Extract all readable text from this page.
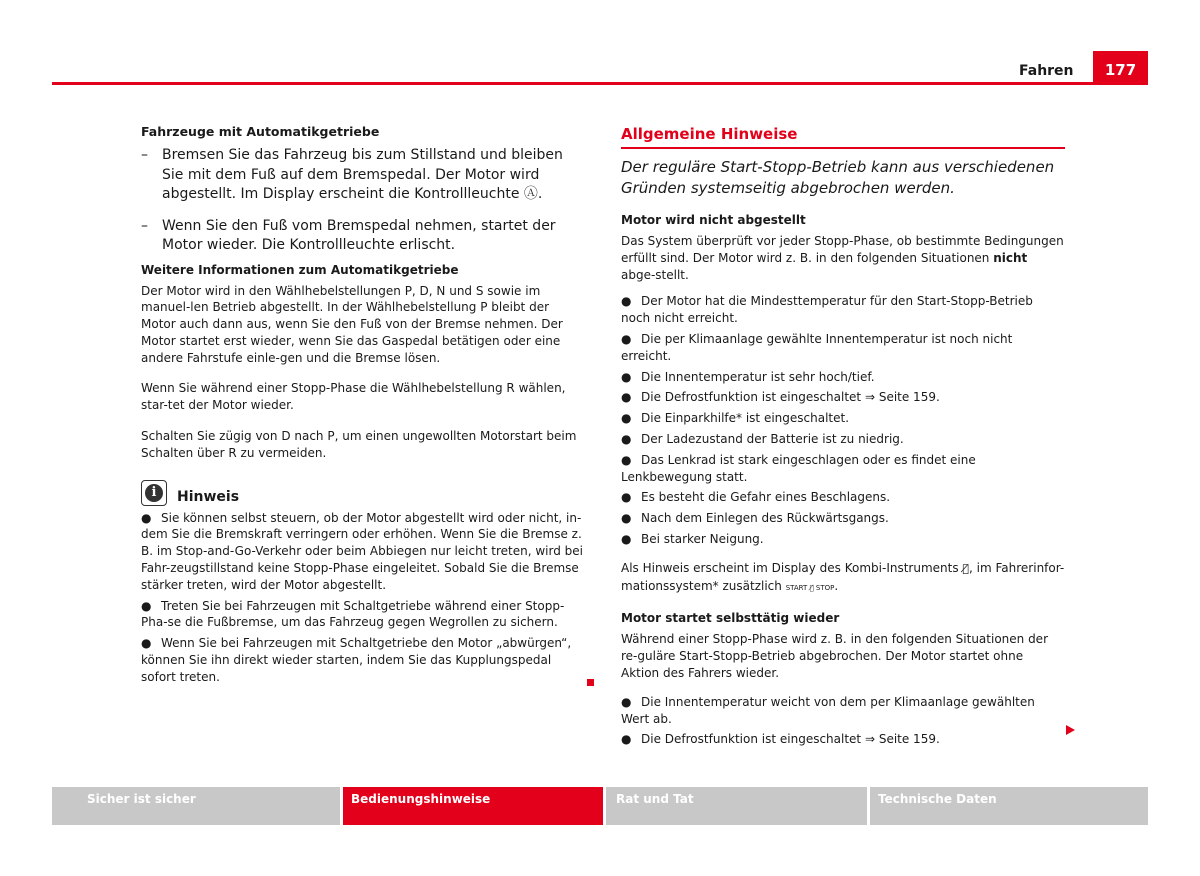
Fahren	177
Fahrzeuge mit Automatikgetriebe
– Bremsen Sie das Fahrzeug bis zum Stillstand und bleiben Sie mit dem Fuß auf dem Bremspedal. Der Motor wird abgestellt. Im Display erscheint die Kontrollleuchte Ⓐ.
– Wenn Sie den Fuß vom Bremspedal nehmen, startet der Motor wieder. Die Kontrollleuchte erlischt.
Weitere Informationen zum Automatikgetriebe

Der Motor wird in den Wählhebelstellungen P, D, N und S sowie im manuel-len Betrieb abgestellt. In der Wählhebelstellung P bleibt der Motor auch dann aus, wenn Sie den Fuß von der Bremse nehmen. Der Motor startet erst wieder, wenn Sie das Gaspedal betätigen oder eine andere Fahrstufe einle-gen und die Bremse lösen.

Wenn Sie während einer Stopp-Phase die Wählhebelstellung R wählen, star-tet der Motor wieder.

Schalten Sie zügig von D nach P, um einen ungewollten Motorstart beim Schalten über R zu vermeiden.

i	Hinweis
● Sie können selbst steuern, ob der Motor abgestellt wird oder nicht, in-dem Sie die Bremskraft verringern oder erhöhen. Wenn Sie die Bremse z. B. im Stop-and-Go-Verkehr oder beim Abbiegen nur leicht treten, wird bei Fahr-zeugstillstand keine Stopp-Phase eingeleitet. Sobald Sie die Bremse stärker treten, wird der Motor abgestellt.
● Treten Sie bei Fahrzeugen mit Schaltgetriebe während einer Stopp-Pha-se die Fußbremse, um das Fahrzeug gegen Wegrollen zu sichern.
● Wenn Sie bei Fahrzeugen mit Schaltgetriebe den Motor „abwürgen“, können Sie ihn direkt wieder starten, indem Sie das Kupplungspedal sofort treten.
Allgemeine Hinweise

Der reguläre Start-Stopp-Betrieb kann aus verschiedenen Gründen systemseitig abgebrochen werden.

Motor wird nicht abgestellt

Das System überprüft vor jeder Stopp-Phase, ob bestimmte Bedingungen erfüllt sind. Der Motor wird z. B. in den folgenden Situationen nicht abge-stellt.

● Der Motor hat die Mindesttemperatur für den Start-Stopp-Betrieb noch nicht erreicht.
● Die per Klimaanlage gewählte Innentemperatur ist noch nicht erreicht.
● Die Innentemperatur ist sehr hoch/tief.
● Die Defrostfunktion ist eingeschaltet ⇒ Seite 159.
● Die Einparkhilfe* ist eingeschaltet.
● Der Ladezustand der Batterie ist zu niedrig.
● Das Lenkrad ist stark eingeschlagen oder es findet eine Lenkbewegung statt.
● Es besteht die Gefahr eines Beschlagens.
● Nach dem Einlegen des Rückwärtsgangs.
● Bei starker Neigung.

Als Hinweis erscheint im Display des Kombi-Instruments Ⓐ̸, im Fahrerinfor-mationssystem* zusätzlich START Ⓐ̸ STOP.

Motor startet selbsttätig wieder

Während einer Stopp-Phase wird z. B. in den folgenden Situationen der re-guläre Start-Stopp-Betrieb abgebrochen. Der Motor startet ohne Aktion des Fahrers wieder.

● Die Innentemperatur weicht von dem per Klimaanlage gewählten Wert ab.
● Die Defrostfunktion ist eingeschaltet ⇒ Seite 159.
Sicher ist sicher	Bedienungshinweise	Rat und Tat	Technische Daten
